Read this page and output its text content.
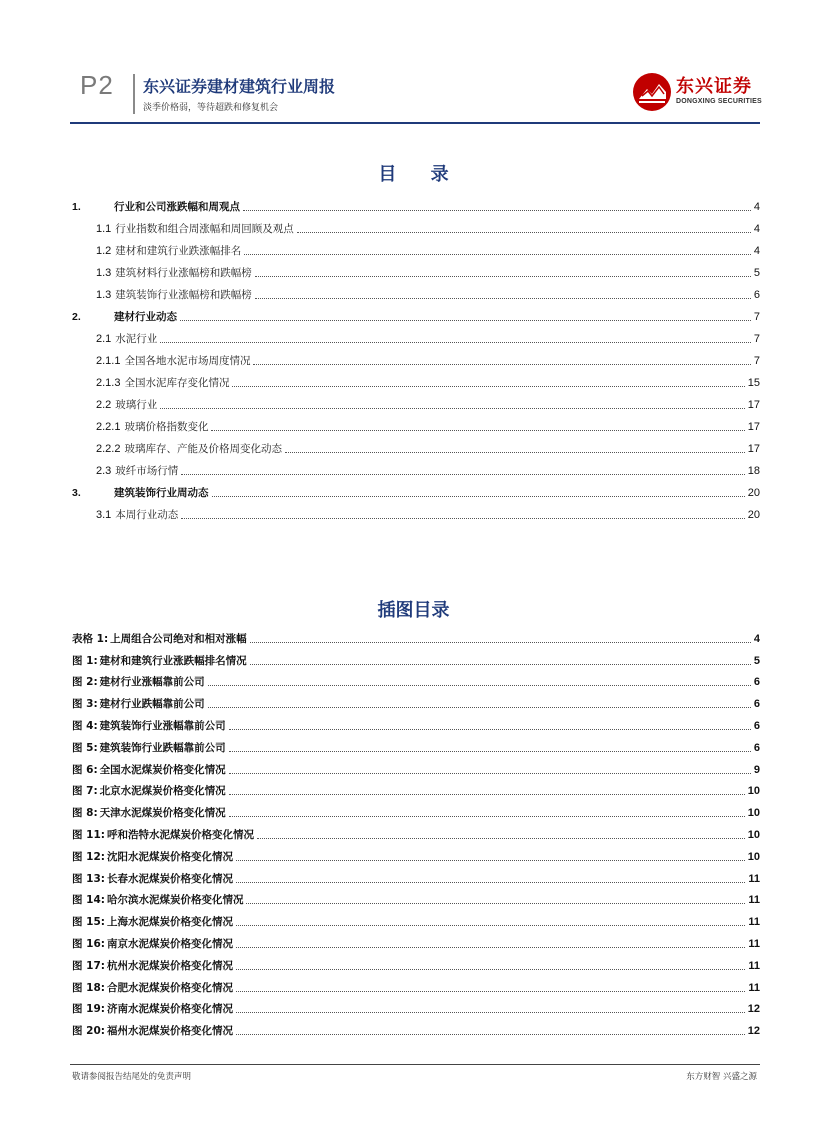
P2 东兴证券建材建筑行业周报
淡季价格弱，等待超跌和修复机会
东兴证券
DONGXING SECURITIES
目 录
1.	行业和公司涨跌幅和周观点	4
1.1 行业指数和组合周涨幅和周回顾及观点	4
1.2 建材和建筑行业跌涨幅排名	4
1.3 建筑材料行业涨幅榜和跌幅榜	5
1.3 建筑装饰行业涨幅榜和跌幅榜	6
2.	建材行业动态	7
2.1 水泥行业	7
2.1.1 全国各地水泥市场周度情况	7
2.1.3 全国水泥库存变化情况	15
2.2 玻璃行业	17
2.2.1 玻璃价格指数变化	17
2.2.2 玻璃库存、产能及价格周变化动态	17
2.3 玻纤市场行情	18
3.	建筑装饰行业周动态	20
3.1 本周行业动态	20
插图目录
表格 1: 上周组合公司绝对和相对涨幅	4
图 1: 建材和建筑行业涨跌幅排名情况	5
图 2: 建材行业涨幅靠前公司	6
图 3: 建材行业跌幅靠前公司	6
图 4: 建筑装饰行业涨幅靠前公司	6
图 5: 建筑装饰行业跌幅靠前公司	6
图 6: 全国水泥煤炭价格变化情况	9
图 7: 北京水泥煤炭价格变化情况	10
图 8: 天津水泥煤炭价格变化情况	10
图 11: 呼和浩特水泥煤炭价格变化情况	10
图 12: 沈阳水泥煤炭价格变化情况	10
图 13: 长春水泥煤炭价格变化情况	11
图 14: 哈尔滨水泥煤炭价格变化情况	11
图 15: 上海水泥煤炭价格变化情况	11
图 16: 南京水泥煤炭价格变化情况	11
图 17: 杭州水泥煤炭价格变化情况	11
图 18: 合肥水泥煤炭价格变化情况	11
图 19: 济南水泥煤炭价格变化情况	12
图 20: 福州水泥煤炭价格变化情况	12
敬请参阅报告结尾处的免责声明	东方财智 兴盛之源
